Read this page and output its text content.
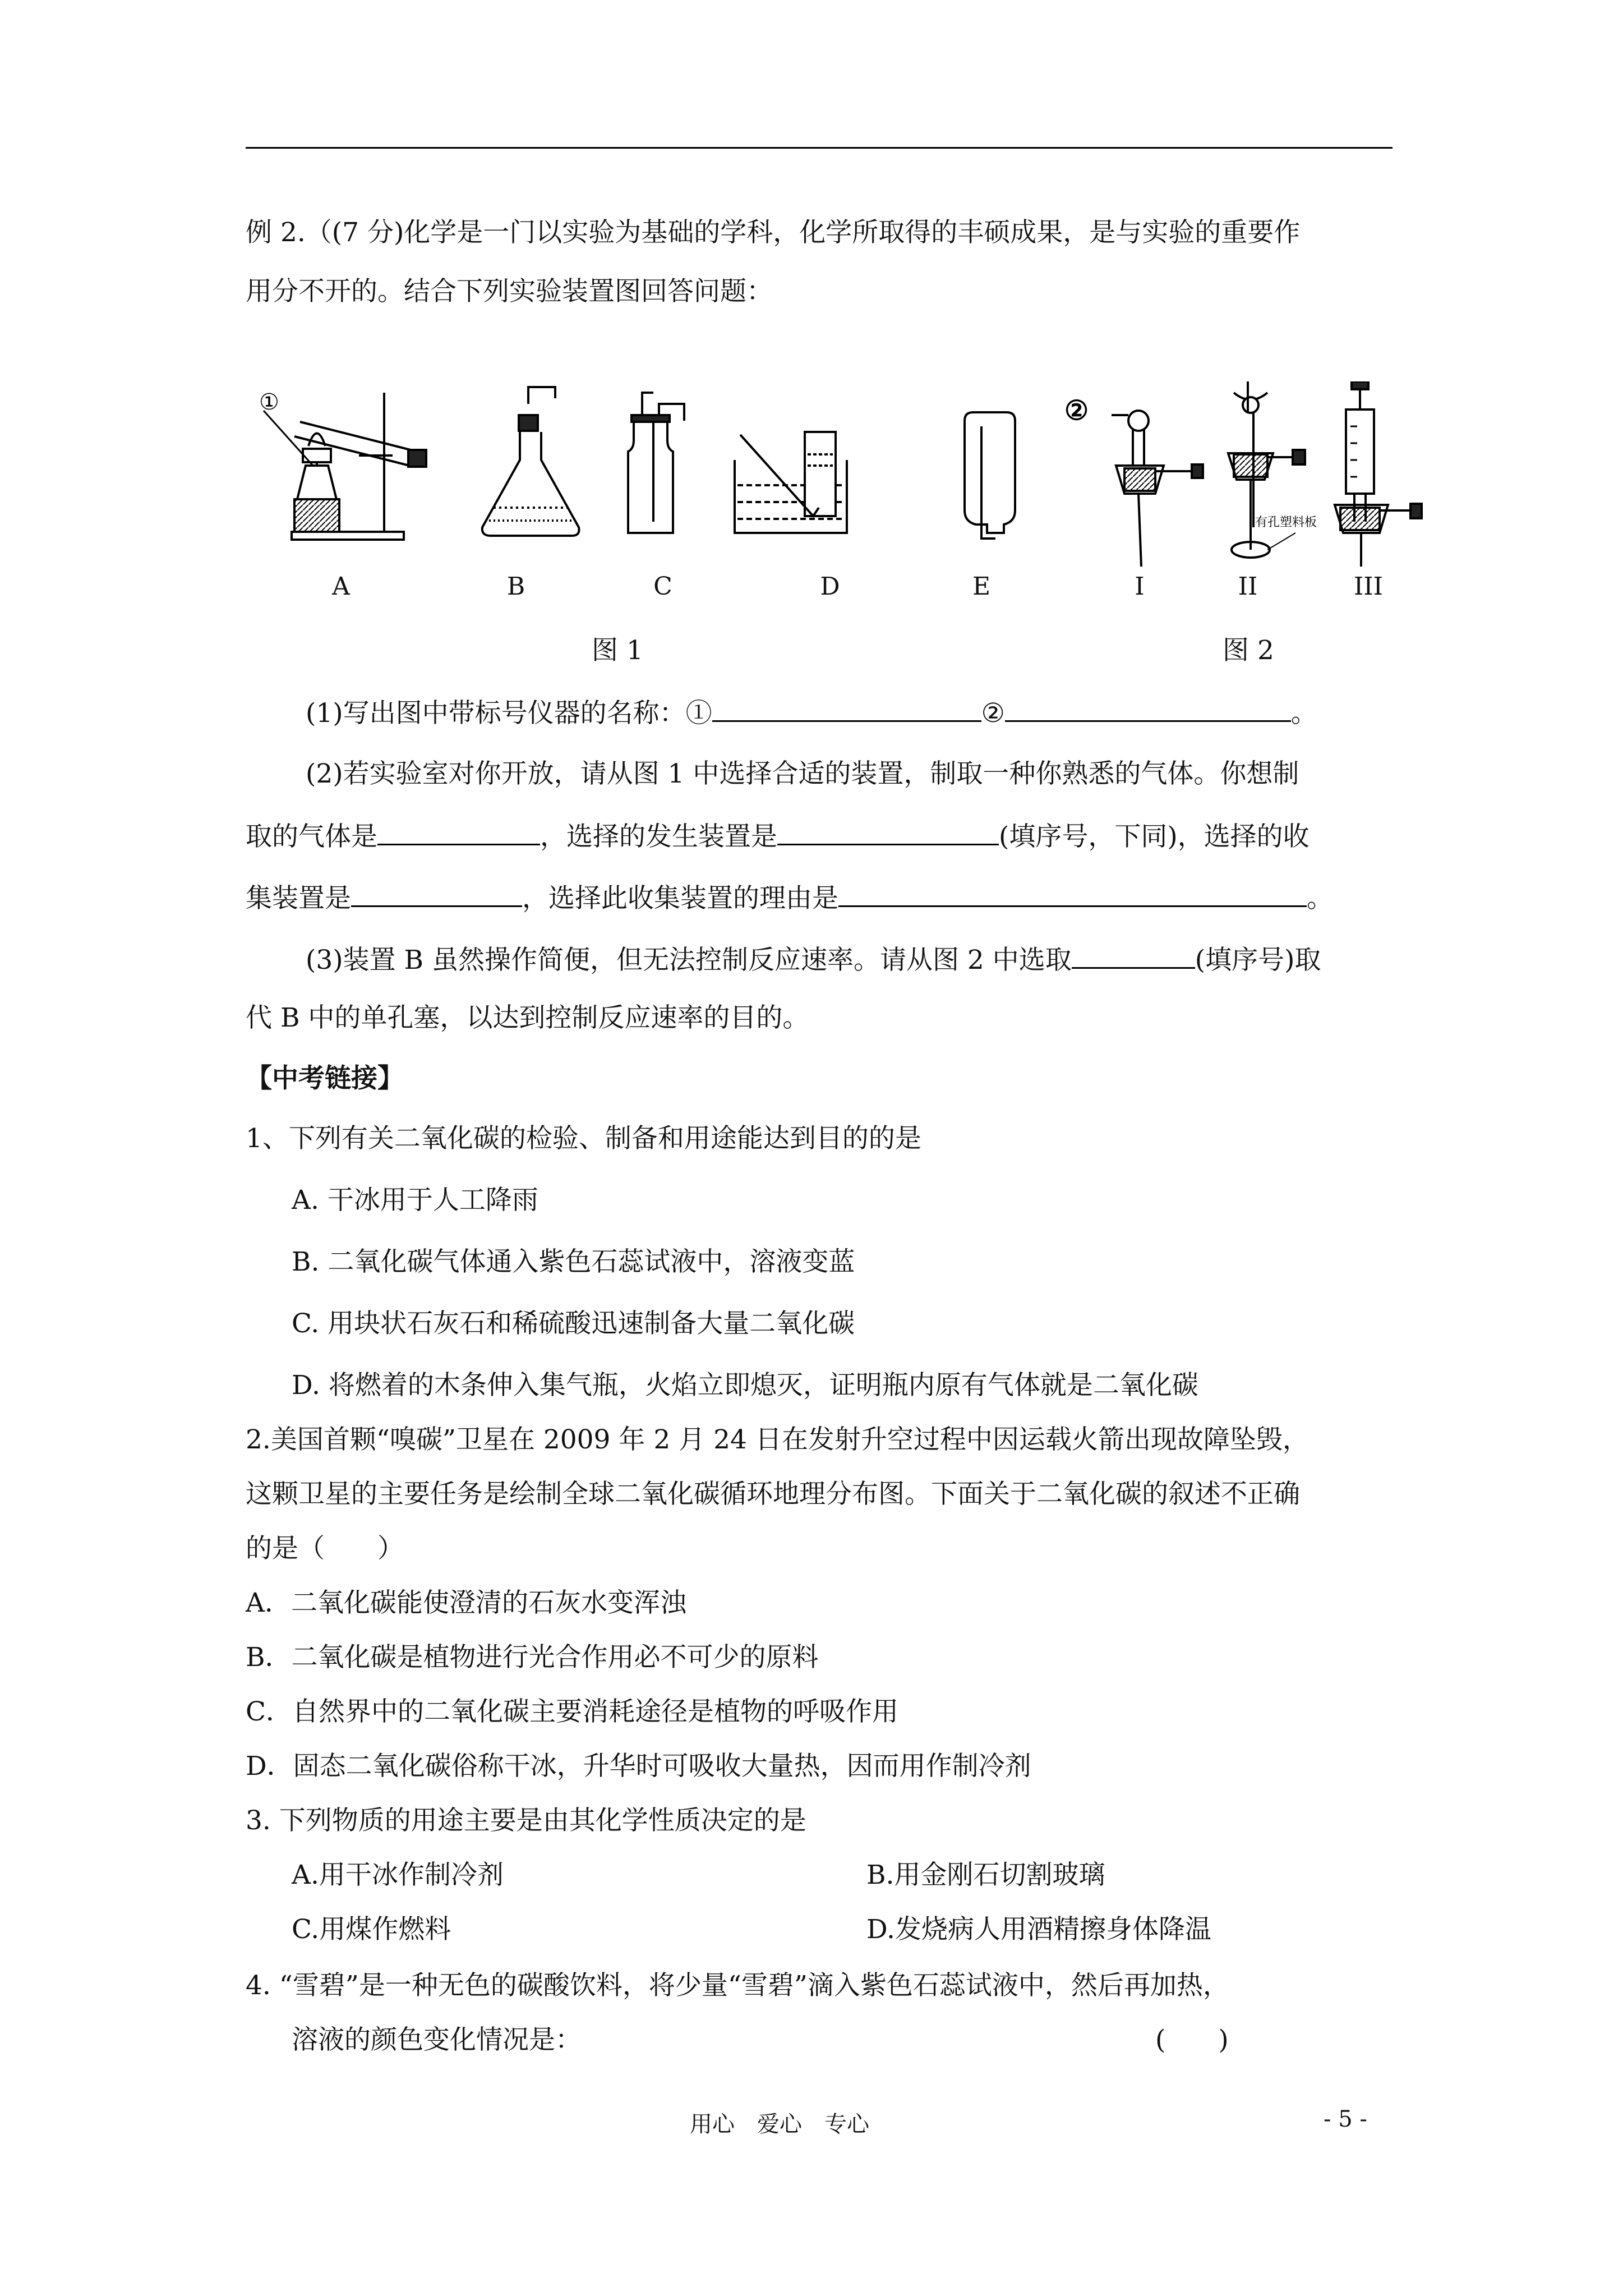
例 2.（(7 分)化学是一门以实验为基础的学科，化学所取得的丰硕成果，是与实验的重要作
用分不开的。结合下列实验装置图回答问题：
①	②
有孔塑料板
A	B	C	D	E	I	II	III
图 1	图 2
(1)写出图中带标号仪器的名称：①	②	。
(2)若实验室对你开放，请从图 1 中选择合适的装置，制取一种你熟悉的气体。你想制
取的气体是	，选择的发生装置是	(填序号，下同)，选择的收
集装置是	，选择此收集装置的理由是	。
(3)装置 B 虽然操作简便，但无法控制反应速率。请从图 2 中选取	(填序号)取
代 B 中的单孔塞，以达到控制反应速率的目的。
【中考链接】
1、下列有关二氧化碳的检验、制备和用途能达到目的的是
A. 干冰用于人工降雨
B. 二氧化碳气体通入紫色石蕊试液中，溶液变蓝
C. 用块状石灰石和稀硫酸迅速制备大量二氧化碳
D. 将燃着的木条伸入集气瓶，火焰立即熄灭，证明瓶内原有气体就是二氧化碳
2.美国首颗“嗅碳”卫星在 2009 年 2 月 24 日在发射升空过程中因运载火箭出现故障坠毁，
这颗卫星的主要任务是绘制全球二氧化碳循环地理分布图。下面关于二氧化碳的叙述不正确
的是（　　）
A．二氧化碳能使澄清的石灰水变浑浊
B．二氧化碳是植物进行光合作用必不可少的原料
C．自然界中的二氧化碳主要消耗途径是植物的呼吸作用
D．固态二氧化碳俗称干冰，升华时可吸收大量热，因而用作制冷剂
3. 下列物质的用途主要是由其化学性质决定的是
A.用干冰作制冷剂	B.用金刚石切割玻璃
C.用煤作燃料	D.发烧病人用酒精擦身体降温
4. “雪碧”是一种无色的碳酸饮料，将少量“雪碧”滴入紫色石蕊试液中，然后再加热，
溶液的颜色变化情况是：	(　　)
用心　爱心　专心	- 5 -
